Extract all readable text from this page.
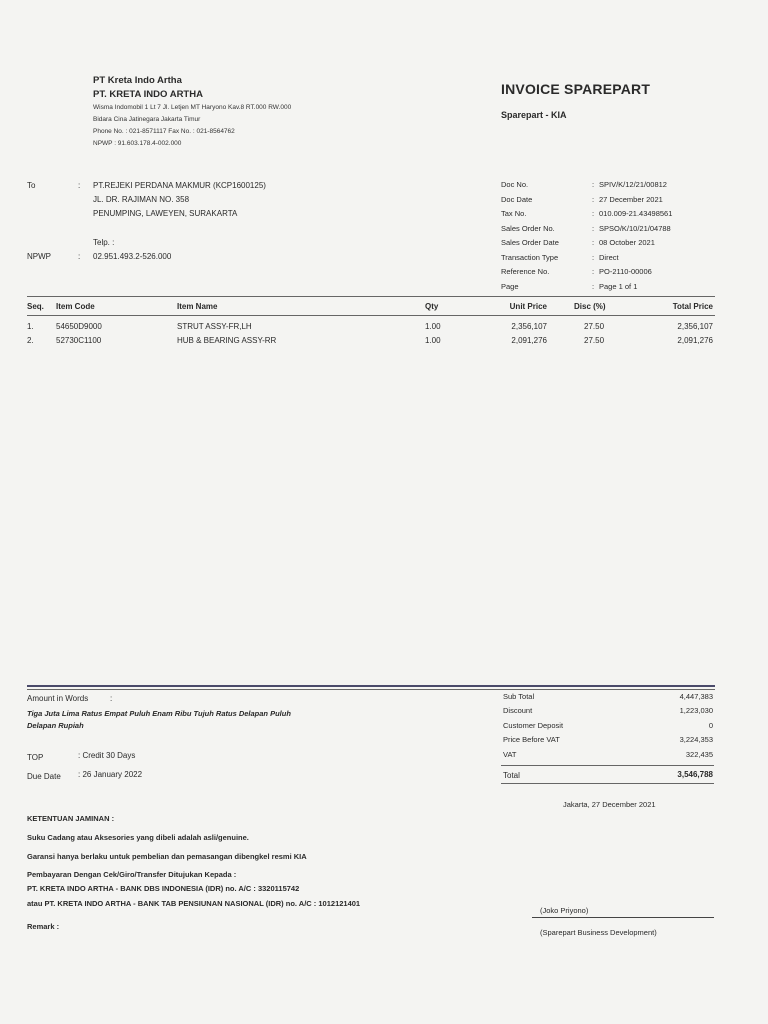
PT Kreta Indo Artha
PT. KRETA INDO ARTHA
Wisma Indomobil 1 Lt 7 Jl. Letjen MT Haryono Kav.8 RT.000 RW.000
Bidara Cina Jatinegara Jakarta Timur
Phone No. : 021-8571117 Fax No. : 021-8564762
NPWP : 91.603.178.4-002.000
INVOICE SPAREPART
Sparepart - KIA
To	: PT.REJEKI PERDANA MAKMUR (KCP1600125)
JL. DR. RAJIMAN NO. 358
PENUMPING, LAWEYEN, SURAKARTA
Telp. :
NPWP	: 02.951.493.2-526.000
Doc No.	: SPIV/K/12/21/00812
Doc Date	: 27 December 2021
Tax No.	: 010.009-21.43498561
Sales Order No.	: SPSO/K/10/21/04788
Sales Order Date	: 08 October 2021
Transaction Type	: Direct
Reference No.	: PO-2110-00006
Page	: Page 1 of 1
Seq. Item Code	Item Name	Qty	Unit Price	Disc (%)	Total Price
1.	54650D9000	STRUT ASSY-FR,LH	1.00	2,356,107	27.50	2,356,107
2.	52730C1100	HUB & BEARING ASSY-RR	1.00	2,091,276	27.50	2,091,276
Amount in Words	:
Tiga Juta Lima Ratus Empat Puluh Enam Ribu Tujuh Ratus Delapan Puluh
Delapan Rupiah
TOP	: Credit 30 Days
Due Date : 26 January 2022
Sub Total	4,447,383
Discount	1,223,030
Customer Deposit	0
Price Before VAT	3,224,353
VAT	322,435
Total	3,546,788
Jakarta, 27 December 2021
(Joko Priyono)
(Sparepart Business Development)
KETENTUAN JAMINAN :
Suku Cadang atau Aksesories yang dibeli adalah asli/genuine.
Garansi hanya berlaku untuk pembelian dan pemasangan dibengkel resmi KIA
Pembayaran Dengan Cek/Giro/Transfer Ditujukan Kepada :
PT. KRETA INDO ARTHA - BANK DBS INDONESIA (IDR) no. A/C : 3320115742
atau PT. KRETA INDO ARTHA - BANK TAB PENSIUNAN NASIONAL (IDR) no. A/C : 1012121401
Remark :
